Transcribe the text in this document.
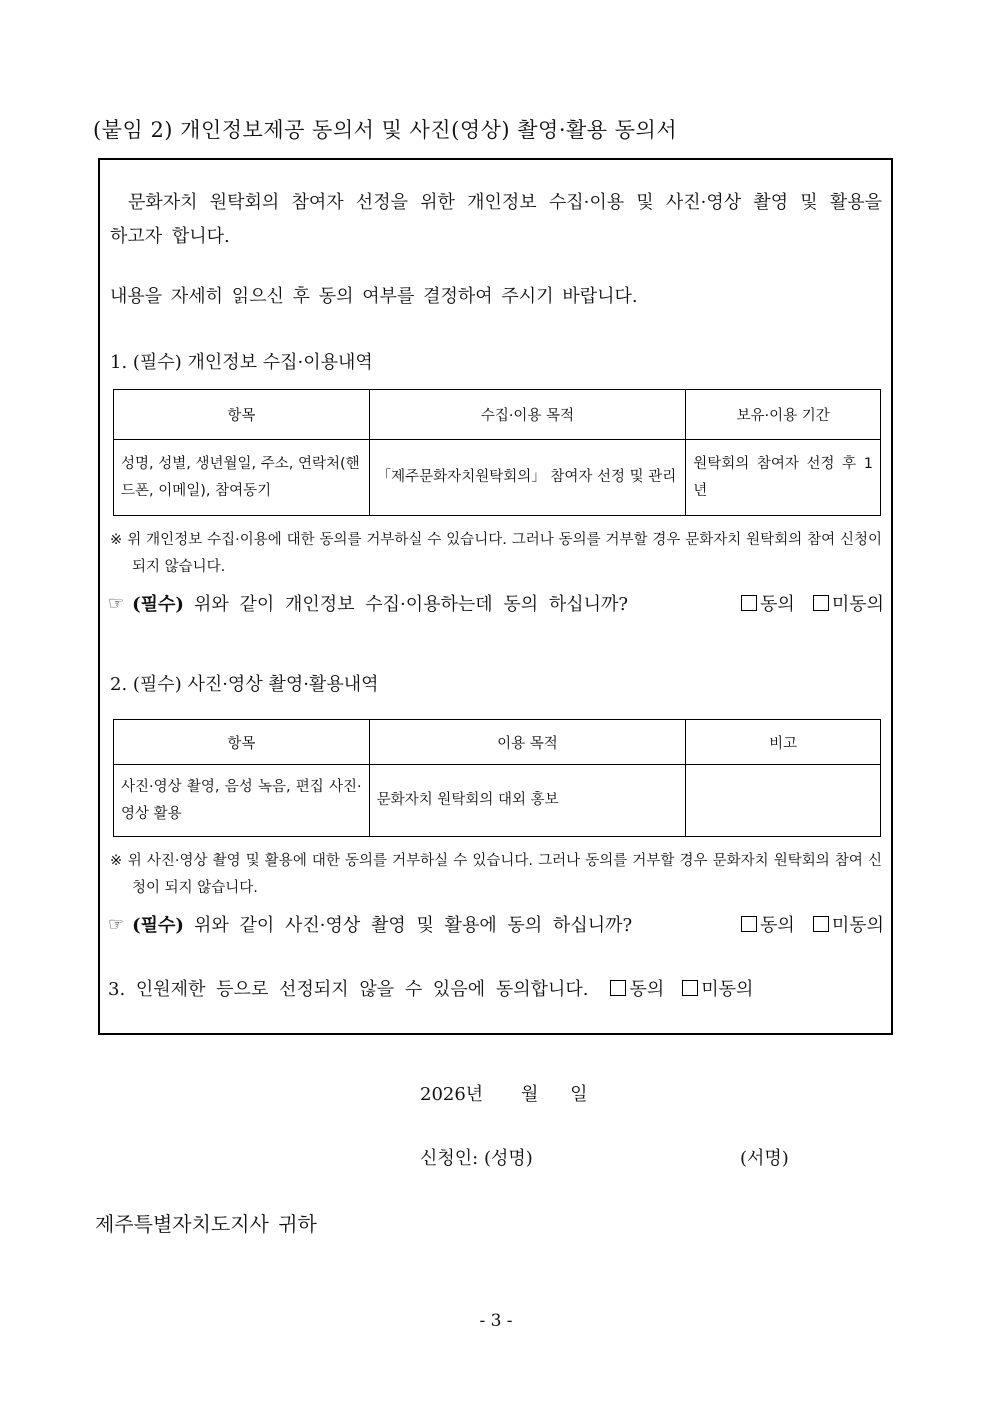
(붙임 2) 개인정보제공 동의서 및 사진(영상) 촬영·활용 동의서
문화자치 원탁회의 참여자 선정을 위한 개인정보 수집·이용 및 사진·영상 촬영 및 활용을 하고자 합니다.
내용을 자세히 읽으신 후 동의 여부를 결정하여 주시기 바랍니다.
1. (필수) 개인정보 수집·이용내역
항목	수집·이용 목적	보유·이용 기간
성명, 성별, 생년월일, 주소, 연락처(핸드폰, 이메일), 참여동기	「제주문화자치원탁회의」 참여자 선정 및 관리	원탁회의 참여자 선정 후 1년
※ 위 개인정보 수집·이용에 대한 동의를 거부하실 수 있습니다. 그러나 동의를 거부할 경우 문화자치 원탁회의 참여 신청이 되지 않습니다.
☞ (필수) 위와 같이 개인정보 수집·이용하는데 동의 하십니까?	동의 미동의
2. (필수) 사진·영상 촬영·활용내역
항목	이용 목적	비고
사진·영상 촬영, 음성 녹음, 편집 사진·영상 활용	문화자치 원탁회의 대외 홍보	
※ 위 사진·영상 촬영 및 활용에 대한 동의를 거부하실 수 있습니다. 그러나 동의를 거부할 경우 문화자치 원탁회의 참여 신청이 되지 않습니다.
☞ (필수) 위와 같이 사진·영상 촬영 및 활용에 동의 하십니까?	동의 미동의
3. 인원제한 등으로 선정되지 않을 수 있음에 동의합니다. 동의 미동의
2026년 월 일
신청인: (성명)	(서명)
제주특별자치도지사 귀하
- 3 -
